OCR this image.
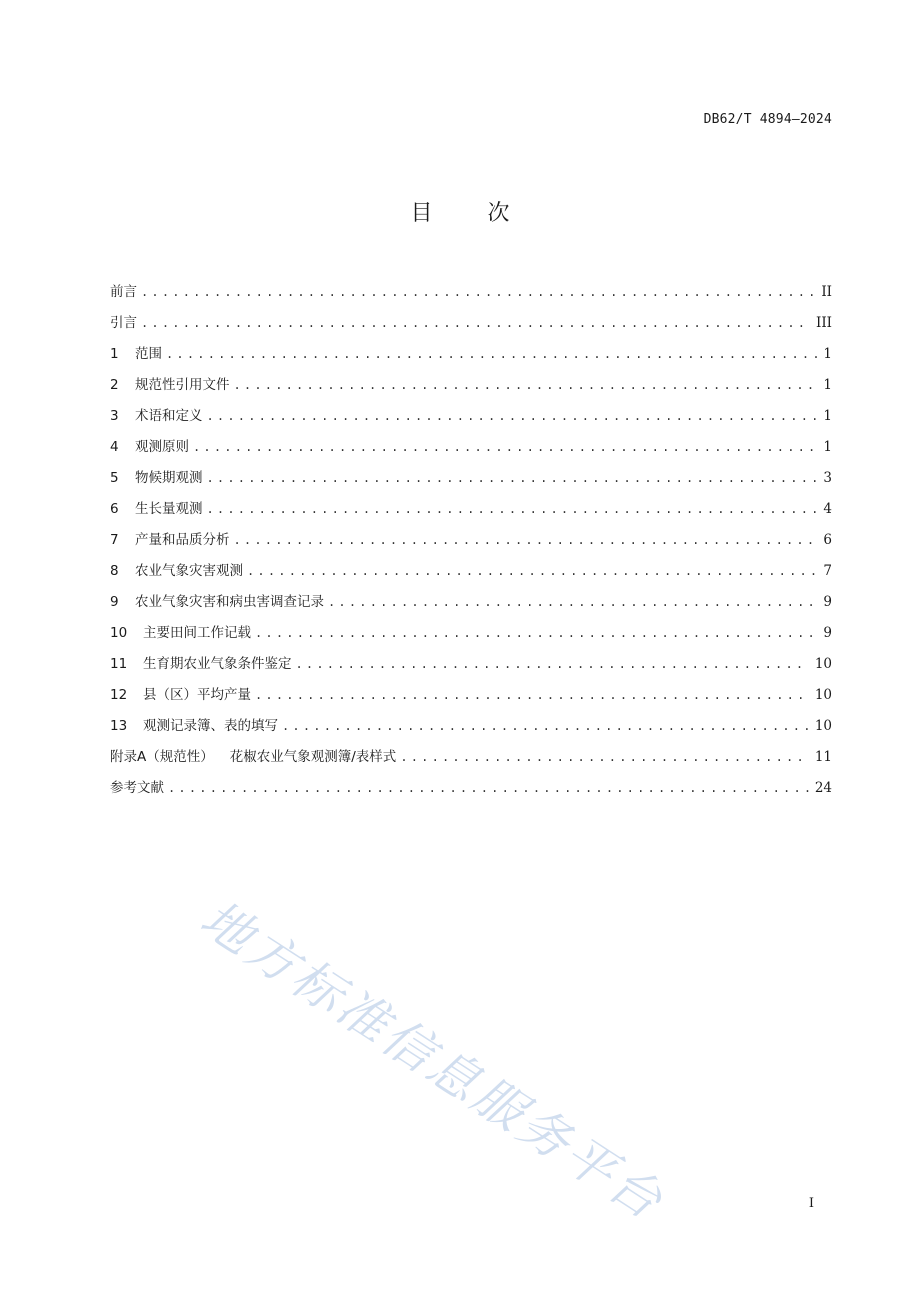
DB62/T 4894—2024
目	次
前言 .....	II
引言 .....	III
1	范围 .....	1
2	规范性引用文件 .....	1
3	术语和定义 .....	1
4	观测原则 .....	1
5	物候期观测 .....	3
6	生长量观测 .....	4
7	产量和品质分析 .....	6
8	农业气象灾害观测 .....	7
9	农业气象灾害和病虫害调查记录 .....	9
10	主要田间工作记载 .....	9
11	生育期农业气象条件鉴定 .....	10
12	县（区）平均产量 .....	10
13	观测记录簿、表的填写 .....	10
附录A（规范性） 花椒农业气象观测簿/表样式 .....	11
参考文献 .....	24
地方标准信息服务平台	I
